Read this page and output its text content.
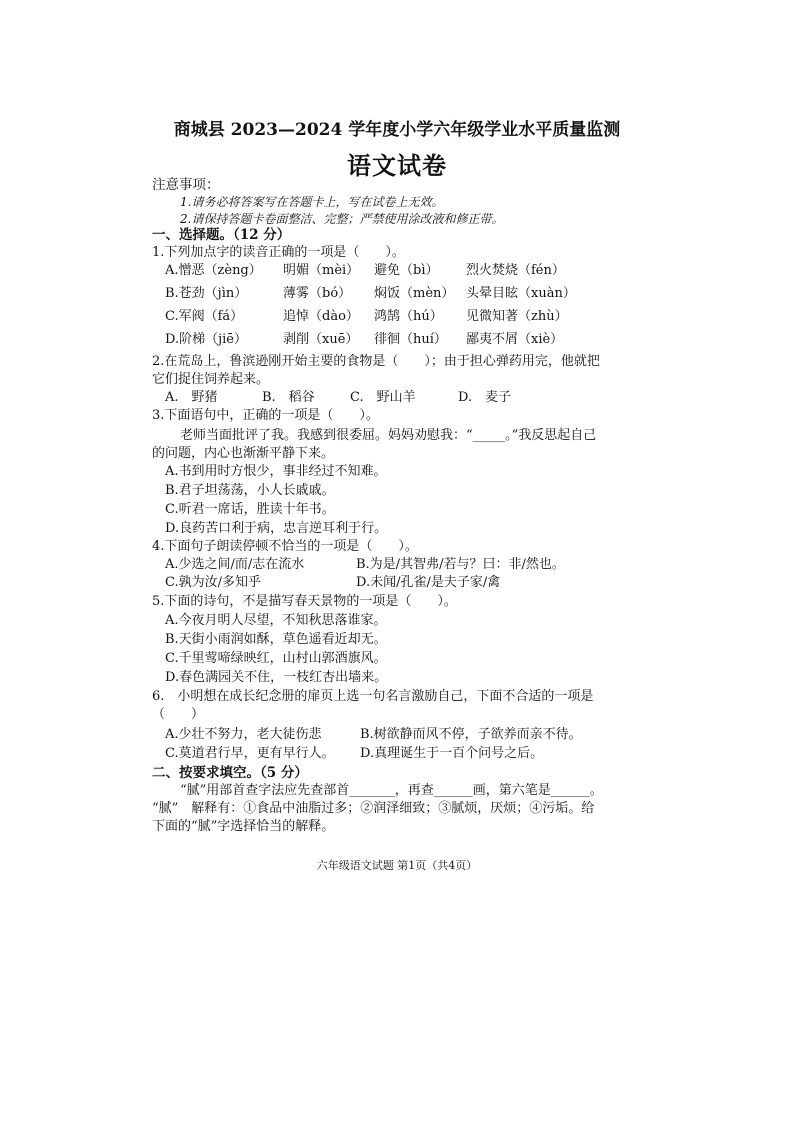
商城县 2023—2024 学年度小学六年级学业水平质量监测
语文试卷
注意事项：
1.请务必将答案写在答题卡上，写在试卷上无效。
2.请保持答题卡卷面整洁、完整；严禁使用涂改液和修正带。
一、选择题。（12 分）
1.下列加点字的读音正确的一项是（　　）。
A.憎恶（zèng） 明媚（mèi） 避免（bì） 烈火焚烧（fén）
B.苍劲（jìn）	薄雾（bó） 焖饭（mèn） 头晕目眩（xuàn）
C.军阀（fá）	追悼（dào） 鸿鹄（hú） 见微知著（zhù）
D.阶梯（jiē）	剥削（xuē） 徘徊（huí） 鄙夷不屑（xiè）
2.在荒岛上，鲁滨逊刚开始主要的食物是（　　）；由于担心弹药用完，他就把
它们捉住饲养起来。
A.　野猪	B.　稻谷	C.　野山羊	D.　麦子
3.下面语句中，正确的一项是（　　）。
老师当面批评了我。我感到很委屈。妈妈劝慰我：“_____。”我反思起自己
的问题，内心也渐渐平静下来。
A.书到用时方恨少，事非经过不知难。
B.君子坦荡荡，小人长戚戚。
C.听君一席话，胜读十年书。
D.良药苦口利于病，忠言逆耳利于行。
4.下面句子朗读停顿不恰当的一项是（　　）。
A.少选之间/而/志在流水	B.为是/其智弗/若与？曰：非/然也。
C.孰为汝/多知乎	D.未闻/孔雀/是夫子家/禽
5.下面的诗句，不是描写春天景物的一项是（　　）。
A.今夜月明人尽望，不知秋思落谁家。
B.天街小雨润如酥，草色遥看近却无。
C.千里莺啼绿映红，山村山郭酒旗风。
D.春色满园关不住，一枝红杏出墙来。
6.　小明想在成长纪念册的扉页上选一句名言激励自己，下面不合适的一项是
（　　）
A.少壮不努力，老大徒伤悲	B.树欲静而风不停，子欲养而亲不待。
C.莫道君行早，更有早行人。 D.真理诞生于一百个问号之后。
二、按要求填空。（5 分）
“腻”用部首查字法应先查部首_______，再查______画，第六笔是______。
“腻”　解释有：①食品中油脂过多；②润泽细致；③腻烦，厌烦；④污垢。给
下面的“腻”字选择恰当的解释。
六年级语文试题 第1页（共4页）
